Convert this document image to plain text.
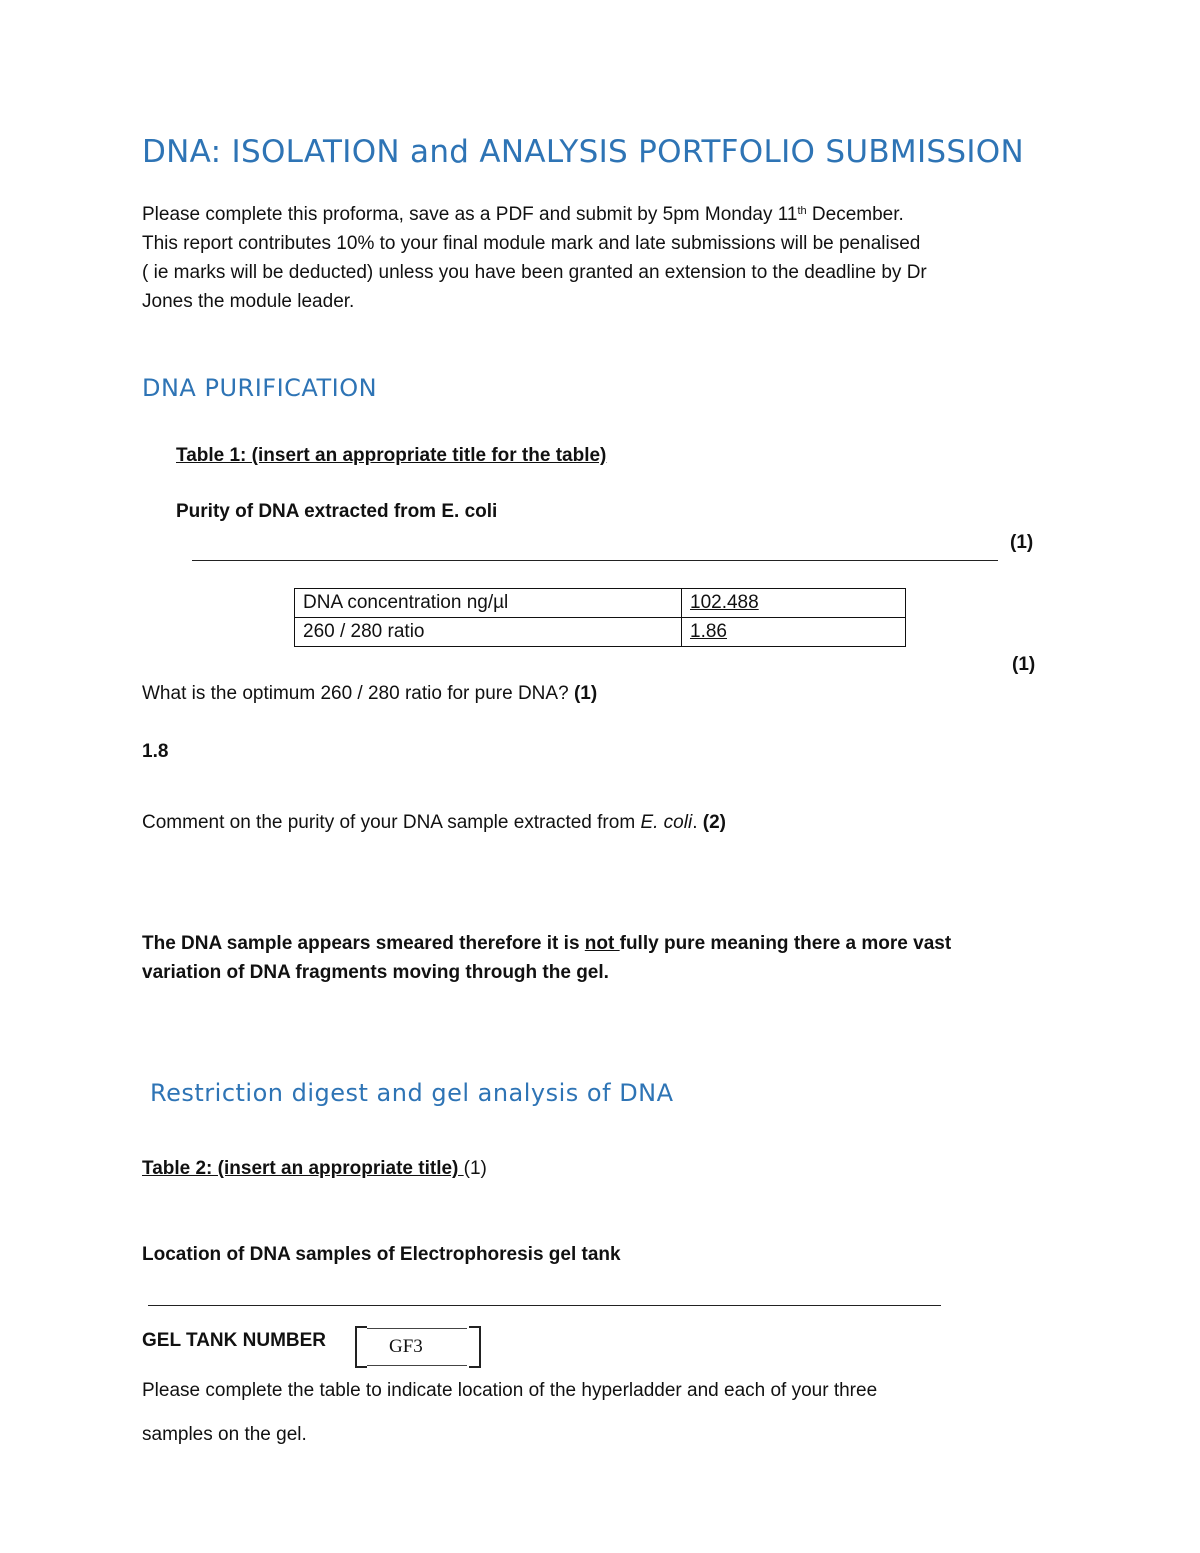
DNA: ISOLATION and ANALYSIS PORTFOLIO SUBMISSION
Please complete this proforma, save as a PDF and submit by 5pm Monday 11th December.
This report contributes 10% to your final module mark and late submissions will be penalised
( ie marks will be deducted) unless you have been granted an extension to the deadline by Dr
Jones the module leader.
DNA PURIFICATION
Table 1: (insert an appropriate title for the table)
Purity of DNA extracted from E. coli
(1)
DNA concentration ng/µl	102.488
260 / 280 ratio	1.86
(1)
What is the optimum 260 / 280 ratio for pure DNA? (1)
1.8
Comment on the purity of your DNA sample extracted from E. coli. (2)
The DNA sample appears smeared therefore it is not fully pure meaning there a more vast
variation of DNA fragments moving through the gel.
Restriction digest and gel analysis of DNA
Table 2: (insert an appropriate title) (1)
Location of DNA samples of Electrophoresis gel tank
GEL TANK NUMBER	GF3
Please complete the table to indicate location of the hyperladder and each of your three
samples on the gel.
